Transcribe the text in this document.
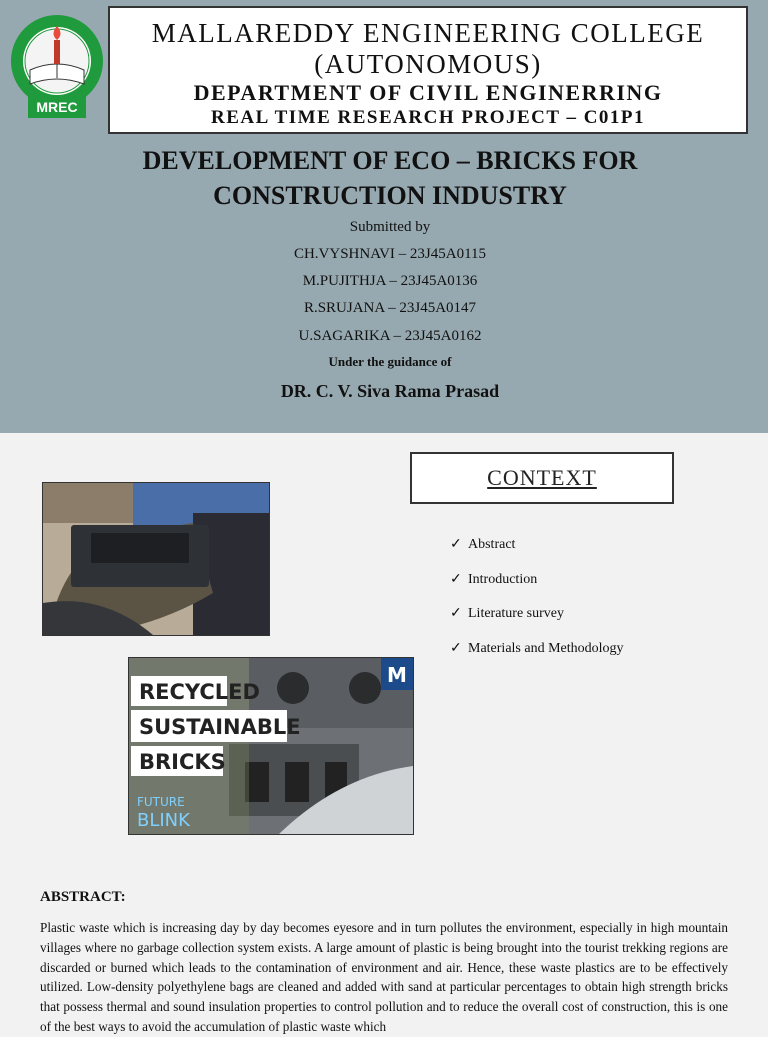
MREC
MALLAREDDY ENGINEERING COLLEGE
(AUTONOMOUS)
DEPARTMENT OF CIVIL ENGINERRING
REAL TIME RESEARCH PROJECT – C01P1
DEVELOPMENT OF ECO – BRICKS FOR
CONSTRUCTION INDUSTRY
Submitted by
CH.VYSHNAVI – 23J45A0115
M.PUJITHJA – 23J45A0136
R.SRUJANA – 23J45A0147
U.SAGARIKA – 23J45A0162
Under the guidance of
DR. C. V. Siva Rama Prasad
CONTEXT
✓ Abstract
✓ Introduction
✓ Literature survey
✓ Materials and Methodology
RECYCLED
SUSTAINABLE
BRICKS
FUTURE
BLINK
M
ABSTRACT:
Plastic waste which is increasing day by day becomes eyesore and in turn pollutes the environment, especially in high mountain villages where no garbage collection system exists. A large amount of plastic is being brought into the tourist trekking regions are discarded or burned which leads to the contamination of environment and air. Hence, these waste plastics are to be effectively utilized. Low-density polyethylene bags are cleaned and added with sand at particular percentages to obtain high strength bricks that possess thermal and sound insulation properties to control pollution and to reduce the overall cost of construction, this is one of the best ways to avoid the accumulation of plastic waste which
